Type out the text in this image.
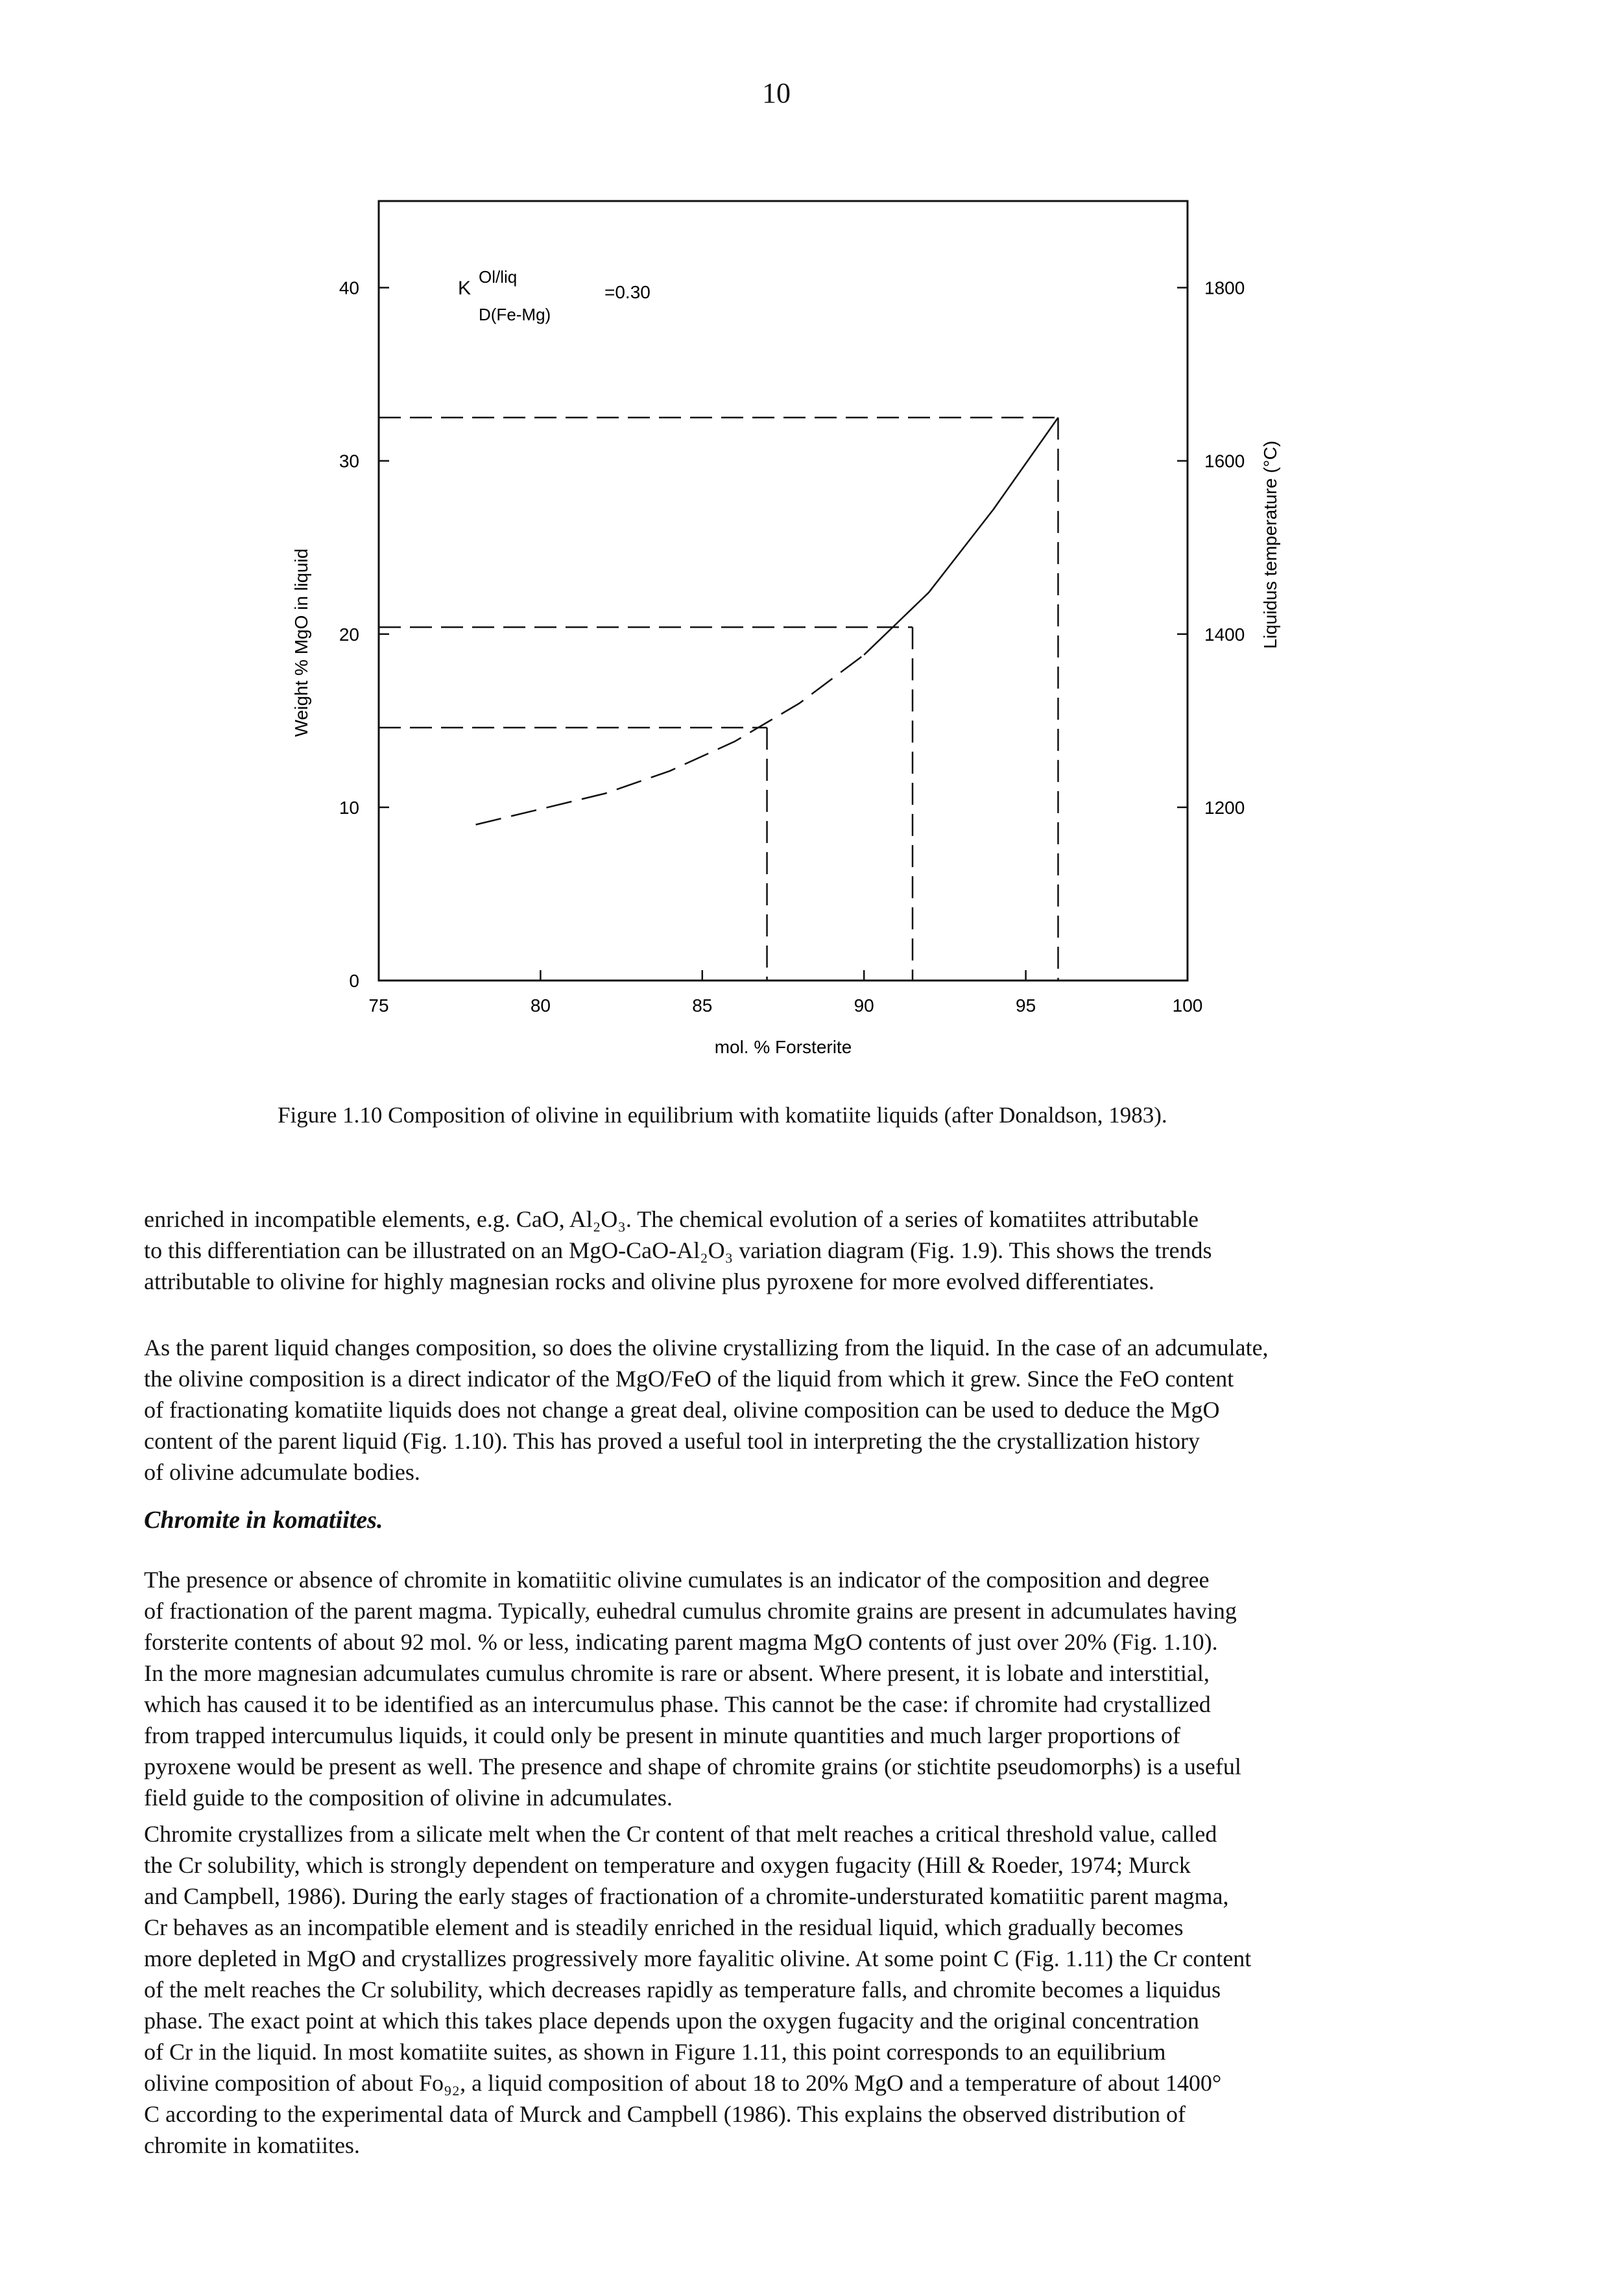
10
75	80	85	90	95	100
0
10
20
30
40
1200
1400
1600
1800
mol. % Forsterite
Weight % MgO in liquid	Liquidus temperature (°C)
K
Ol/liq
D(Fe-Mg)
=0.30
Figure 1.10 Composition of olivine in equilibrium with komatiite liquids (after Donaldson, 1983).

enriched in incompatible elements, e.g. CaO, Al₂O₃. The chemical evolution of a series of komatiites attributable
to this differentiation can be illustrated on an MgO-CaO-Al₂O₃ variation diagram (Fig. 1.9). This shows the trends
attributable to olivine for highly magnesian rocks and olivine plus pyroxene for more evolved differentiates.

As the parent liquid changes composition, so does the olivine crystallizing from the liquid. In the case of an adcumulate,
the olivine composition is a direct indicator of the MgO/FeO of the liquid from which it grew. Since the FeO content
of fractionating komatiite liquids does not change a great deal, olivine composition can be used to deduce the MgO
content of the parent liquid (Fig. 1.10). This has proved a useful tool in interpreting the the crystallization history
of olivine adcumulate bodies.

Chromite in komatiites.

The presence or absence of chromite in komatiitic olivine cumulates is an indicator of the composition and degree
of fractionation of the parent magma. Typically, euhedral cumulus chromite grains are present in adcumulates having
forsterite contents of about 92 mol. % or less, indicating parent magma MgO contents of just over 20% (Fig. 1.10).
In the more magnesian adcumulates cumulus chromite is rare or absent. Where present, it is lobate and interstitial,
which has caused it to be identified as an intercumulus phase. This cannot be the case: if chromite had crystallized
from trapped intercumulus liquids, it could only be present in minute quantities and much larger proportions of
pyroxene would be present as well. The presence and shape of chromite grains (or stichtite pseudomorphs) is a useful
field guide to the composition of olivine in adcumulates.

Chromite crystallizes from a silicate melt when the Cr content of that melt reaches a critical threshold value, called
the Cr solubility, which is strongly dependent on temperature and oxygen fugacity (Hill & Roeder, 1974; Murck
and Campbell, 1986). During the early stages of fractionation of a chromite-understurated komatiitic parent magma,
Cr behaves as an incompatible element and is steadily enriched in the residual liquid, which gradually becomes
more depleted in MgO and crystallizes progressively more fayalitic olivine. At some point C (Fig. 1.11) the Cr content
of the melt reaches the Cr solubility, which decreases rapidly as temperature falls, and chromite becomes a liquidus
phase. The exact point at which this takes place depends upon the oxygen fugacity and the original concentration
of Cr in the liquid. In most komatiite suites, as shown in Figure 1.11, this point corresponds to an equilibrium
olivine composition of about Fo₉₂, a liquid composition of about 18 to 20% MgO and a temperature of about 1400°
C according to the experimental data of Murck and Campbell (1986). This explains the observed distribution of
chromite in komatiites.
